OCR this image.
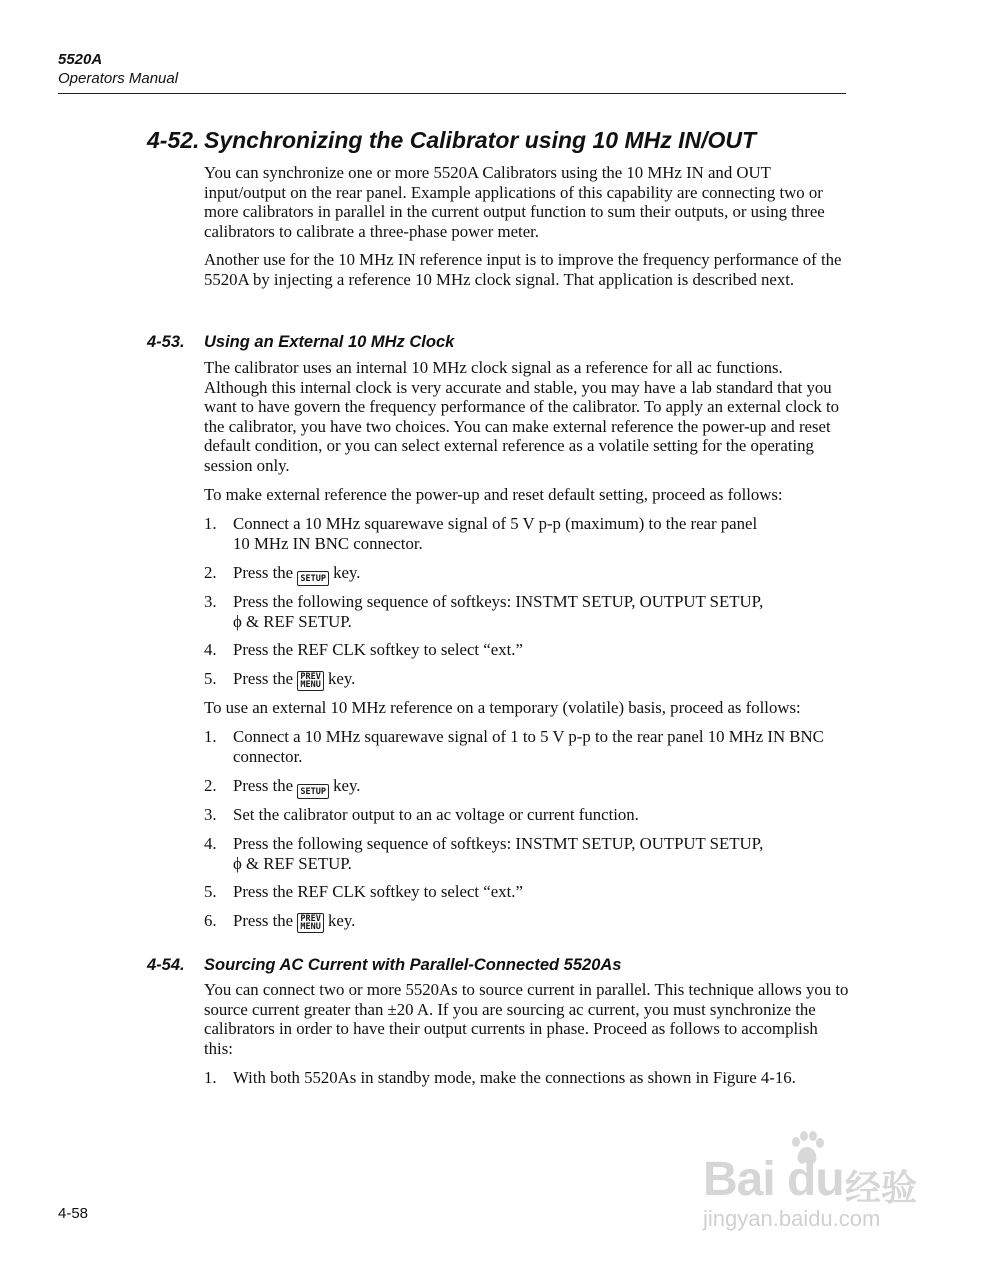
5520A
Operators Manual
4-52. Synchronizing the Calibrator using 10 MHz IN/OUT
You can synchronize one or more 5520A Calibrators using the 10 MHz IN and OUT input/output on the rear panel. Example applications of this capability are connecting two or more calibrators in parallel in the current output function to sum their outputs, or using three calibrators to calibrate a three-phase power meter.
Another use for the 10 MHz IN reference input is to improve the frequency performance of the 5520A by injecting a reference 10 MHz clock signal. That application is described next.
4-53. Using an External 10 MHz Clock
The calibrator uses an internal 10 MHz clock signal as a reference for all ac functions. Although this internal clock is very accurate and stable, you may have a lab standard that you want to have govern the frequency performance of the calibrator. To apply an external clock to the calibrator, you have two choices. You can make external reference the power-up and reset default condition, or you can select external reference as a volatile setting for the operating session only.
To make external reference the power-up and reset default setting, proceed as follows:
1. Connect a 10 MHz squarewave signal of 5 V p-p (maximum) to the rear panel
10 MHz IN BNC connector.
2. Press the SETUP key.
3. Press the following sequence of softkeys: INSTMT SETUP, OUTPUT SETUP,
ϕ & REF SETUP.
4. Press the REF CLK softkey to select “ext.”
5. Press the PREV
MENU key.
To use an external 10 MHz reference on a temporary (volatile) basis, proceed as follows:
1. Connect a 10 MHz squarewave signal of 1 to 5 V p-p to the rear panel 10 MHz IN BNC connector.
2. Press the SETUP key.
3. Set the calibrator output to an ac voltage or current function.
4. Press the following sequence of softkeys: INSTMT SETUP, OUTPUT SETUP,
ϕ & REF SETUP.
5. Press the REF CLK softkey to select “ext.”
6. Press the PREV
MENU key.
4-54. Sourcing AC Current with Parallel-Connected 5520As
You can connect two or more 5520As to source current in parallel. This technique allows you to source current greater than ±20 A. If you are sourcing ac current, you must synchronize the calibrators in order to have their output currents in phase. Proceed as follows to accomplish this:
1. With both 5520As in standby mode, make the connections as shown in Figure 4-16.
4-58
Bai du 经验
jingyan.baidu.com
